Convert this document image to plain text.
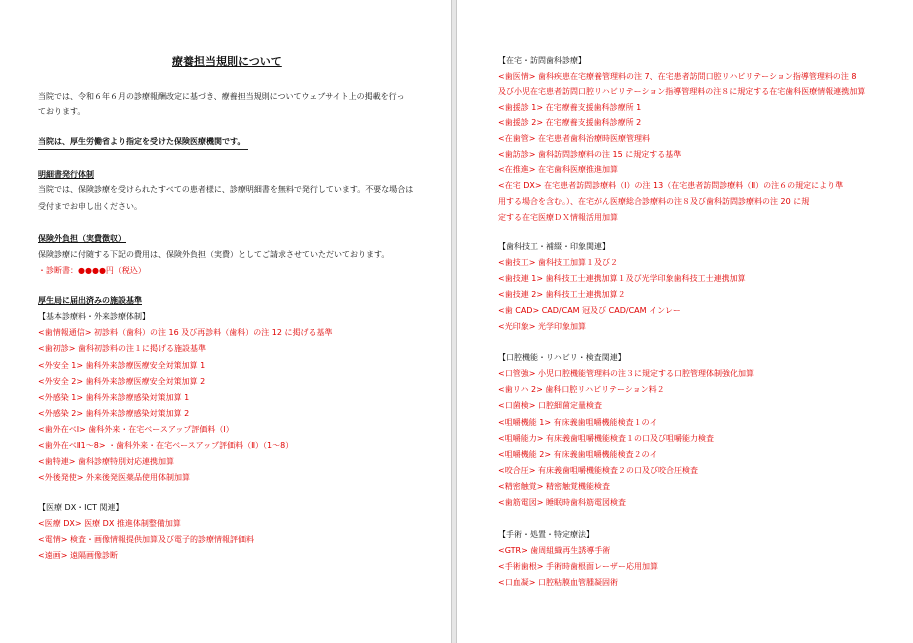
療養担当規則について
当院では、令和６年６月の診療報酬改定に基づき、療養担当規則についてウェブサイト上の掲載を行っ
ております。
当院は、厚生労働省より指定を受けた保険医療機関です。
明細書発行体制
当院では、保険診療を受けられたすべての患者様に、診療明細書を無料で発行しています。不要な場合は
受付までお申し出ください。
保険外負担（実費徴収）
保険診療に付随する下記の費用は、保険外負担（実費）としてご請求させていただいております。
・診断書：●●●●円（税込）
厚生局に届出済みの施設基準
【基本診療料・外来診療体制】
<歯情報通信> 初診料（歯科）の注 16 及び再診料（歯科）の注 12 に掲げる基準
<歯初診> 歯科初診料の注１に掲げる施設基準
<外安全 1> 歯科外来診療医療安全対策加算 1
<外安全 2> 歯科外来診療医療安全対策加算 2
<外感染 1> 歯科外来診療感染対策加算 1
<外感染 2> 歯科外来診療感染対策加算 2
<歯外在ベⅠ> 歯科外来・在宅ベースアップ評価料（Ⅰ）
<歯外在ベⅡ1～8> ・歯科外来・在宅ベースアップ評価料（Ⅱ）（1～8）
<歯特連> 歯科診療特別対応連携加算
<外後発使> 外来後発医薬品使用体制加算
【医療 DX・ICT 関連】
<医療 DX> 医療 DX 推進体制整備加算
<電情> 検査・画像情報提供加算及び電子的診療情報評価料
<遠画> 遠隔画像診断
【在宅・訪問歯科診療】
<歯医情> 歯科疾患在宅療養管理料の注 7、在宅患者訪問口腔リハビリテーション指導管理料の注 8
及び小児在宅患者訪問口腔リハビリテーション指導管理料の注８に規定する在宅歯科医療情報連携加算
<歯援診 1> 在宅療養支援歯科診療所 1
<歯援診 2> 在宅療養支援歯科診療所 2
<在歯管> 在宅患者歯科治療時医療管理料
<歯訪診> 歯科訪問診療料の注 15 に規定する基準
<在推進> 在宅歯科医療推進加算
<在宅 DX> 在宅患者訪問診療料（Ⅰ）の注 13（在宅患者訪問診療料（Ⅱ）の注６の規定により準
用する場合を含む。）、在宅がん医療総合診療料の注８及び歯科訪問診療料の注 20 に規
定する在宅医療ＤＸ情報活用加算
【歯科技工・補綴・印象関連】
<歯技工> 歯科技工加算１及び２
<歯技連 1> 歯科技工士連携加算１及び光学印象歯科技工士連携加算
<歯技連 2> 歯科技工士連携加算２
<歯 CAD> CAD/CAM 冠及び CAD/CAM インレー
<光印象> 光学印象加算
【口腔機能・リハビリ・検査関連】
<口管強> 小児口腔機能管理料の注３に規定する口腔管理体制強化加算
<歯リハ 2> 歯科口腔リハビリテーション料２
<口菌検> 口腔細菌定量検査
<咀嚼機能 1> 有床義歯咀嚼機能検査１のイ
<咀嚼能力> 有床義歯咀嚼機能検査１の口及び咀嚼能力検査
<咀嚼機能 2> 有床義歯咀嚼機能検査２のイ
<咬合圧> 有床義歯咀嚼機能検査２の口及び咬合圧検査
<精密触覚> 精密触覚機能検査
<歯筋電図> 睡眠時歯科筋電図検査
【手術・処置・特定療法】
<GTR> 歯周組織再生誘導手術
<手術歯根> 手術時歯根面レーザー応用加算
<口血凝> 口腔粘膜血管腫凝固術
